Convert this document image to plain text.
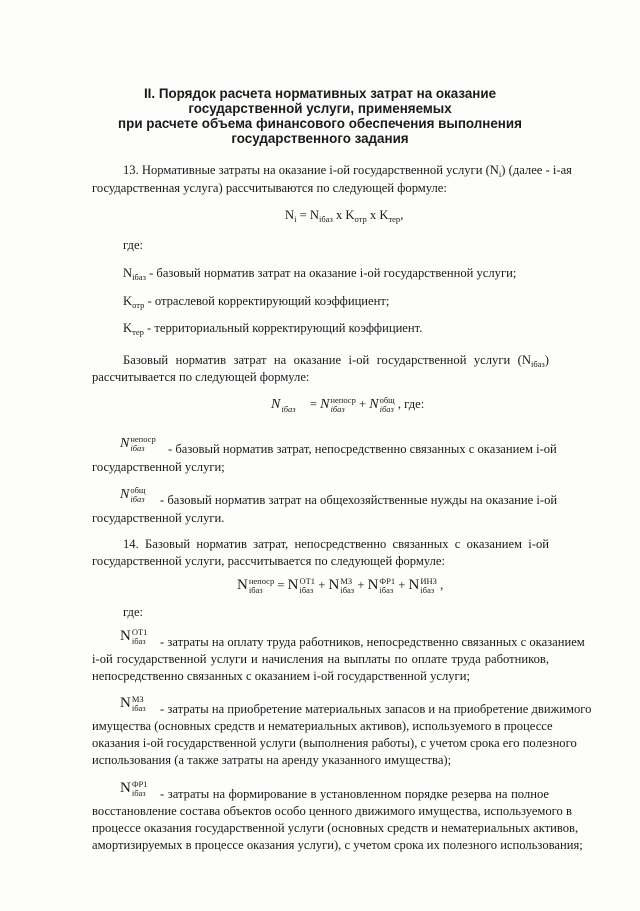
II. Порядок расчета нормативных затрат на оказание
государственной услуги, применяемых
при расчете объема финансового обеспечения выполнения
государственного задания
13. Нормативные затраты на оказание i-ой государственной услуги $(N_i)$ (далее - i-ая
государственная услуга) рассчитываются по следующей формуле:
$N_i = N_{iбаз}$ x $K_{отр}$ x $K_{тер}$,
где:
$N_{iбаз}$ - базовый норматив затрат на оказание i-ой государственной услуги;
$K_{отр}$ - отраслевой корректирующий коэффициент;
$K_{тер}$ - территориальный корректирующий коэффициент.
Базовый норматив затрат на оказание i-ой государственной услуги $(N_{iбаз})$
рассчитывается по следующей формуле:
N iбаз	= N непоср
iбаз	+ N общ
iбаз , где:
N непоср
iбаз	- базовый норматив затрат, непосредственно связанных с оказанием i-ой
государственной услуги;
N общ
iбаз - базовый норматив затрат на общехозяйственные нужды на оказание i-ой
государственной услуги.
14. Базовый норматив затрат, непосредственно связанных с оказанием i-ой
государственной услуги, рассчитывается по следующей формуле:
N непоср
iбаз	= N ОТ1
iбаз + N МЗ
iбаз + N ФР1
iбаз + N ИНЗ
iбаз ,
где:
N ОТ1
iбаз - затраты на оплату труда работников, непосредственно связанных с оказанием
i-ой государственной услуги и начисления на выплаты по оплате труда работников,
непосредственно связанных с оказанием i-ой государственной услуги;
N МЗ
iбаз - затраты на приобретение материальных запасов и на приобретение движимого
имущества (основных средств и нематериальных активов), используемого в процессе
оказания i-ой государственной услуги (выполнения работы), с учетом срока его полезного
использования (а также затраты на аренду указанного имущества);
N ФР1
iбаз - затраты на формирование в установленном порядке резерва на полное
восстановление состава объектов особо ценного движимого имущества, используемого в
процессе оказания государственной услуги (основных средств и нематериальных активов,
амортизируемых в процессе оказания услуги), с учетом срока их полезного использования;
